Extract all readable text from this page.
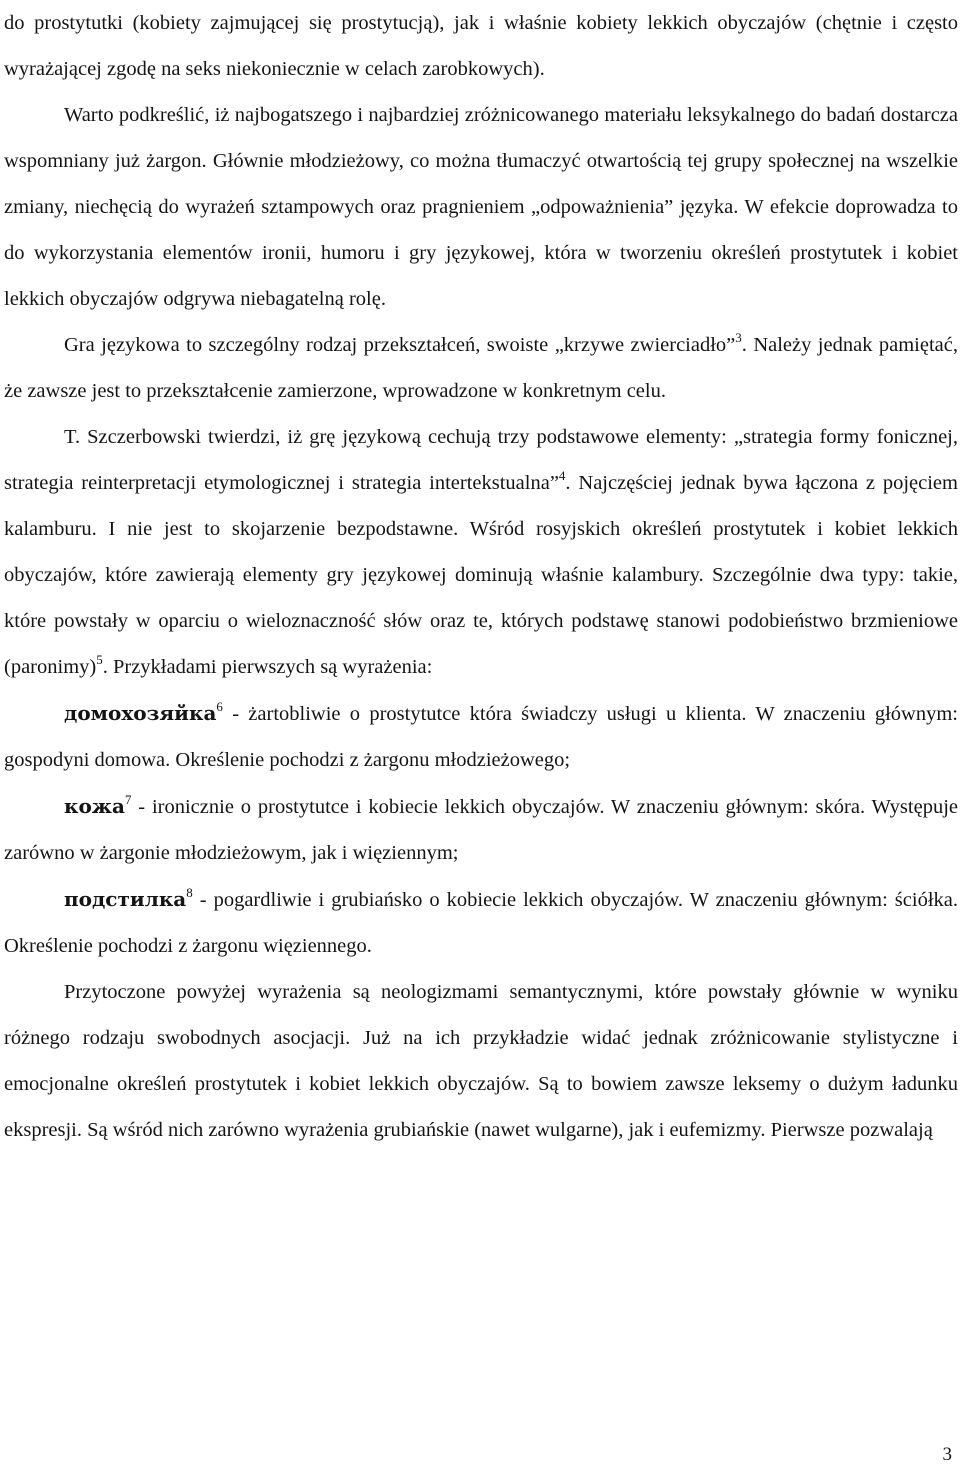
do prostytutki (kobiety zajmującej się prostytucją), jak i właśnie kobiety lekkich obyczajów (chętnie i często wyrażającej zgodę na seks niekoniecznie w celach zarobkowych).

Warto podkreślić, iż najbogatszego i najbardziej zróżnicowanego materiału leksykalnego do badań dostarcza wspomniany już żargon. Głównie młodzieżowy, co można tłumaczyć otwartością tej grupy społecznej na wszelkie zmiany, niechęcią do wyrażeń sztampowych oraz pragnieniem „odpoważnienia” języka. W efekcie doprowadza to do wykorzystania elementów ironii, humoru i gry językowej, która w tworzeniu określeń prostytutek i kobiet lekkich obyczajów odgrywa niebagatelną rolę.

Gra językowa to szczególny rodzaj przekształceń, swoiste „krzywe zwierciadło”$^3$. Należy jednak pamiętać, że zawsze jest to przekształcenie zamierzone, wprowadzone w konkretnym celu.

T. Szczerbowski twierdzi, iż grę językową cechują trzy podstawowe elementy: „strategia formy fonicznej, strategia reinterpretacji etymologicznej i strategia intertekstualna”$^4$. Najczęściej jednak bywa łączona z pojęciem kalamburu. I nie jest to skojarzenie bezpodstawne. Wśród rosyjskich określeń prostytutek i kobiet lekkich obyczajów, które zawierają elementy gry językowej dominują właśnie kalambury. Szczególnie dwa typy: takie, które powstały w oparciu o wieloznaczność słów oraz te, których podstawę stanowi podobieństwo brzmieniowe (paronimy)$^5$. Przykładami pierwszych są wyrażenia:

домохозяйка$^6$ - żartobliwie o prostytutce która świadczy usługi u klienta. W znaczeniu głównym: gospodyni domowa. Określenie pochodzi z żargonu młodzieżowego;

кожа$^7$ - ironicznie o prostytutce i kobiecie lekkich obyczajów. W znaczeniu głównym: skóra. Występuje zarówno w żargonie młodzieżowym, jak i więziennym;

подстилка$^8$ - pogardliwie i grubiańsko o kobiecie lekkich obyczajów. W znaczeniu głównym: ściółka. Określenie pochodzi z żargonu więziennego.

Przytoczone powyżej wyrażenia są neologizmami semantycznymi, które powstały głównie w wyniku różnego rodzaju swobodnych asocjacji. Już na ich przykładzie widać jednak zróżnicowanie stylistyczne i emocjonalne określeń prostytutek i kobiet lekkich obyczajów. Są to bowiem zawsze leksemy o dużym ładunku ekspresji. Są wśród nich zarówno wyrażenia grubiańskie (nawet wulgarne), jak i eufemizmy. Pierwsze pozwalają

3
